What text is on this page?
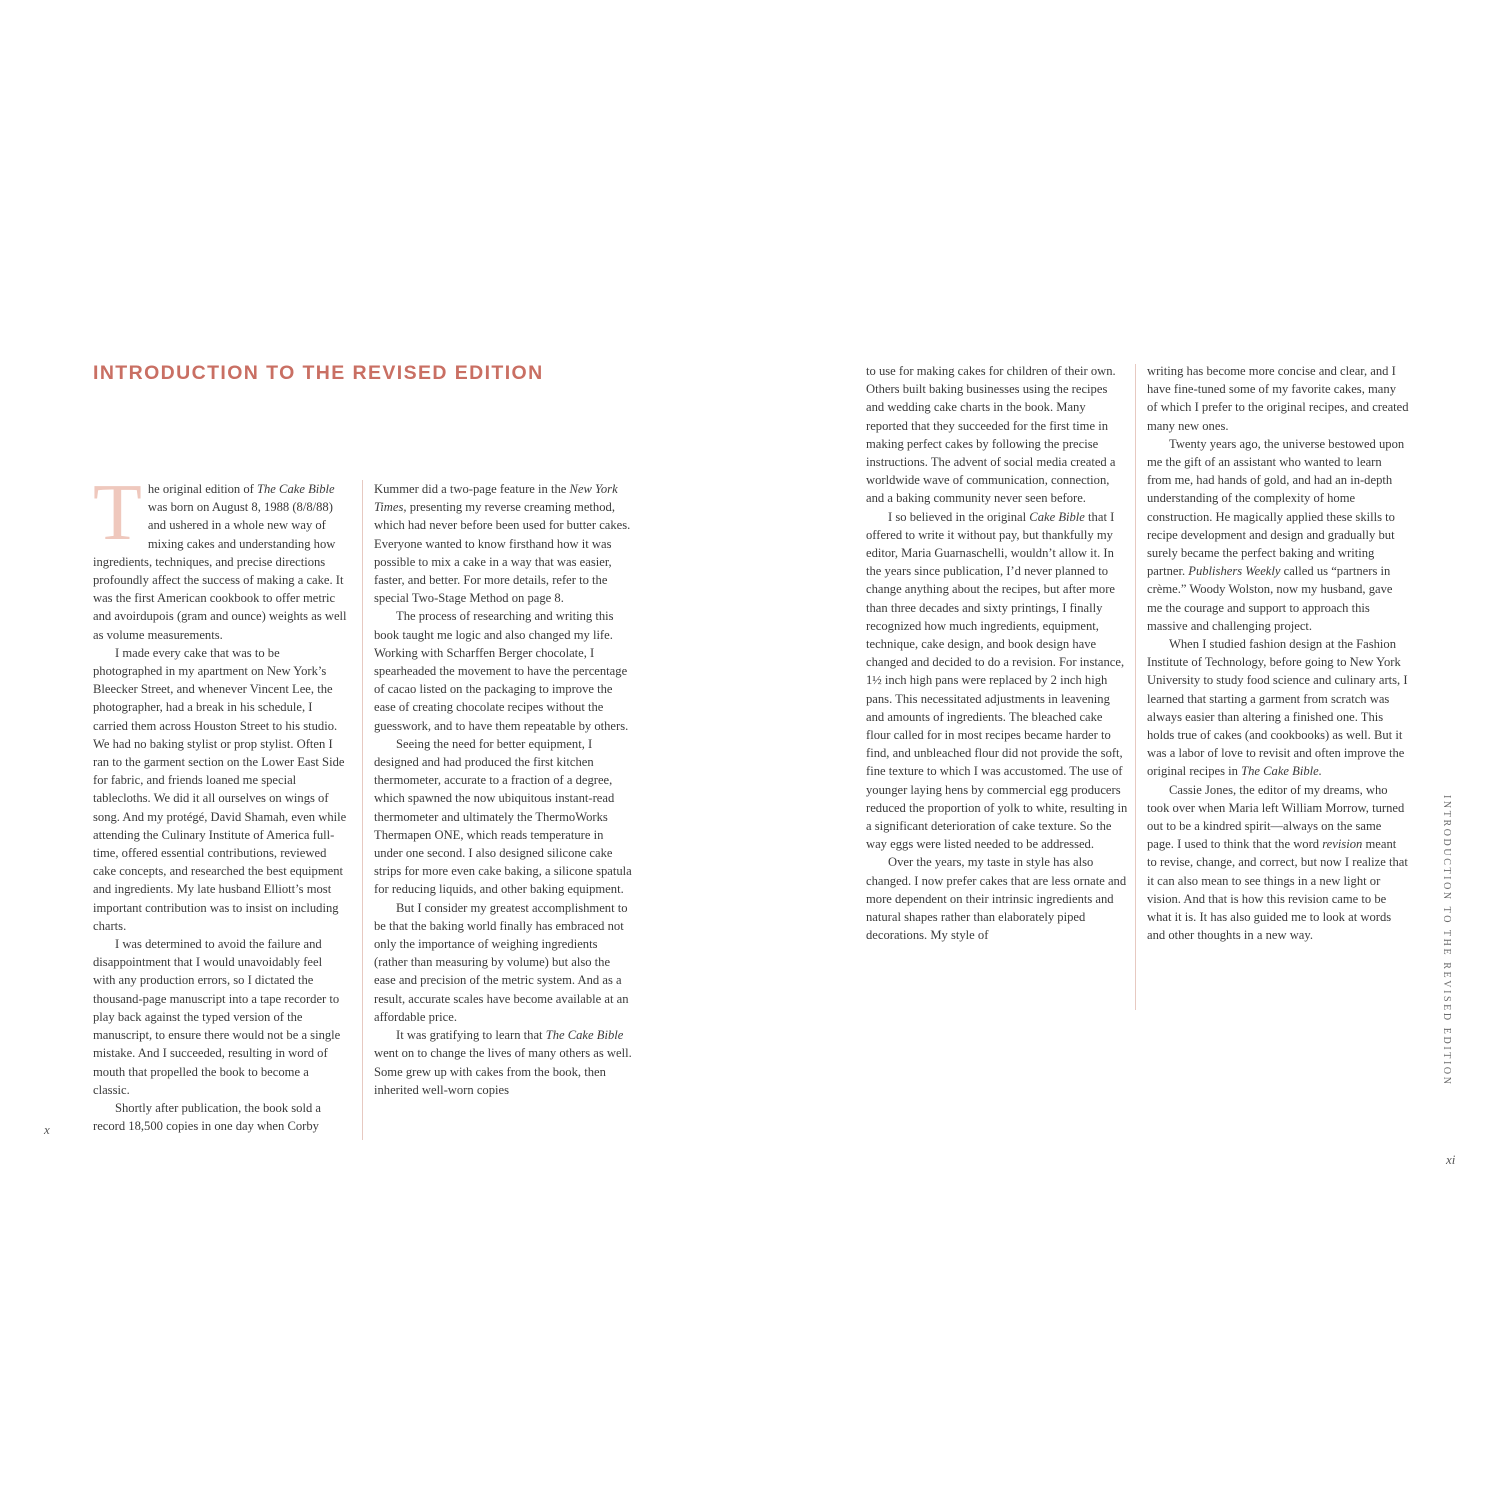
INTRODUCTION TO THE REVISED EDITION

The original edition of The Cake Bible was born on August 8, 1988 (8/8/88) and ushered in a whole new way of mixing cakes and understanding how ingredients, techniques, and precise directions profoundly affect the success of making a cake. It was the first American cookbook to offer metric and avoirdupois (gram and ounce) weights as well as volume measurements.

I made every cake that was to be photographed in my apartment on New York’s Bleecker Street, and whenever Vincent Lee, the photographer, had a break in his schedule, I carried them across Houston Street to his studio. We had no baking stylist or prop stylist. Often I ran to the garment section on the Lower East Side for fabric, and friends loaned me special tablecloths. We did it all ourselves on wings of song. And my protégé, David Shamah, even while attending the Culinary Institute of America full-time, offered essential contributions, reviewed cake concepts, and researched the best equipment and ingredients. My late husband Elliott’s most important contribution was to insist on including charts.

I was determined to avoid the failure and disappointment that I would unavoidably feel with any production errors, so I dictated the thousand-page manuscript into a tape recorder to play back against the typed version of the manuscript, to ensure there would not be a single mistake. And I succeeded, resulting in word of mouth that propelled the book to become a classic.

Shortly after publication, the book sold a record 18,500 copies in one day when Corby

Kummer did a two-page feature in the New York Times, presenting my reverse creaming method, which had never before been used for butter cakes. Everyone wanted to know firsthand how it was possible to mix a cake in a way that was easier, faster, and better. For more details, refer to the special Two-Stage Method on page 8.

The process of researching and writing this book taught me logic and also changed my life. Working with Scharffen Berger chocolate, I spearheaded the movement to have the percentage of cacao listed on the packaging to improve the ease of creating chocolate recipes without the guesswork, and to have them repeatable by others.

Seeing the need for better equipment, I designed and had produced the first kitchen thermometer, accurate to a fraction of a degree, which spawned the now ubiquitous instant-read thermometer and ultimately the ThermoWorks Thermapen ONE, which reads temperature in under one second. I also designed silicone cake strips for more even cake baking, a silicone spatula for reducing liquids, and other baking equipment.

But I consider my greatest accomplishment to be that the baking world finally has embraced not only the importance of weighing ingredients (rather than measuring by volume) but also the ease and precision of the metric system. And as a result, accurate scales have become available at an affordable price.

It was gratifying to learn that The Cake Bible went on to change the lives of many others as well. Some grew up with cakes from the book, then inherited well-worn copies

to use for making cakes for children of their own. Others built baking businesses using the recipes and wedding cake charts in the book. Many reported that they succeeded for the first time in making perfect cakes by following the precise instructions. The advent of social media created a worldwide wave of communication, connection, and a baking community never seen before.

I so believed in the original Cake Bible that I offered to write it without pay, but thankfully my editor, Maria Guarnaschelli, wouldn’t allow it. In the years since publication, I’d never planned to change anything about the recipes, but after more than three decades and sixty printings, I finally recognized how much ingredients, equipment, technique, cake design, and book design have changed and decided to do a revision. For instance, 1½ inch high pans were replaced by 2 inch high pans. This necessitated adjustments in leavening and amounts of ingredients. The bleached cake flour called for in most recipes became harder to find, and unbleached flour did not provide the soft, fine texture to which I was accustomed. The use of younger laying hens by commercial egg producers reduced the proportion of yolk to white, resulting in a significant deterioration of cake texture. So the way eggs were listed needed to be addressed.

Over the years, my taste in style has also changed. I now prefer cakes that are less ornate and more dependent on their intrinsic ingredients and natural shapes rather than elaborately piped decorations. My style of

writing has become more concise and clear, and I have fine-tuned some of my favorite cakes, many of which I prefer to the original recipes, and created many new ones.

Twenty years ago, the universe bestowed upon me the gift of an assistant who wanted to learn from me, had hands of gold, and had an in-depth understanding of the complexity of home construction. He magically applied these skills to recipe development and design and gradually but surely became the perfect baking and writing partner. Publishers Weekly called us “partners in crème.” Woody Wolston, now my husband, gave me the courage and support to approach this massive and challenging project.

When I studied fashion design at the Fashion Institute of Technology, before going to New York University to study food science and culinary arts, I learned that starting a garment from scratch was always easier than altering a finished one. This holds true of cakes (and cookbooks) as well. But it was a labor of love to revisit and often improve the original recipes in The Cake Bible.

Cassie Jones, the editor of my dreams, who took over when Maria left William Morrow, turned out to be a kindred spirit—always on the same page. I used to think that the word revision meant to revise, change, and correct, but now I realize that it can also mean to see things in a new light or vision. And that is how this revision came to be what it is. It has also guided me to look at words and other thoughts in a new way.

x
xi
INTRODUCTION TO THE REVISED EDITION
